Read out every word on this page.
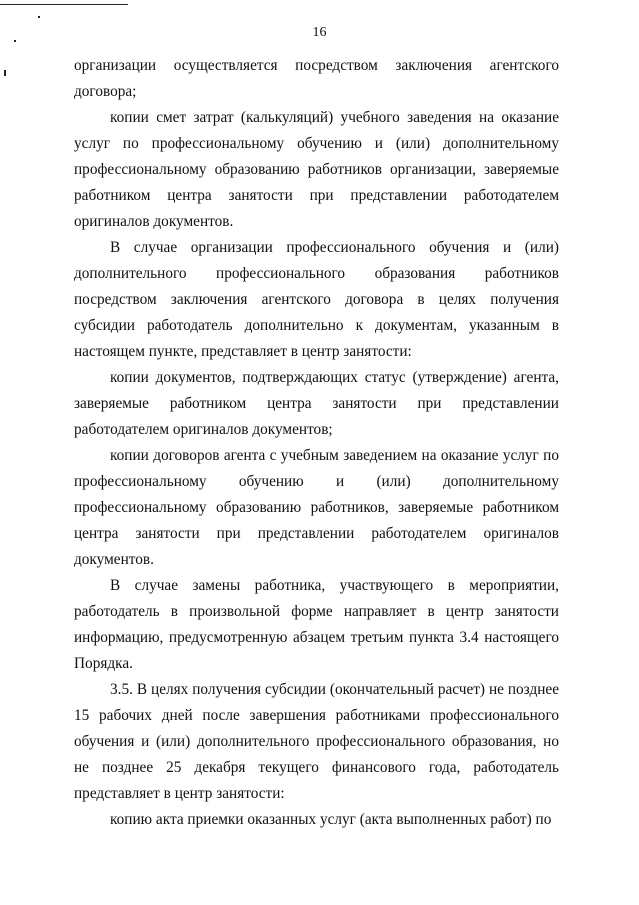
16

организации осуществляется посредством заключения агентского договора;

копии смет затрат (калькуляций) учебного заведения на оказание услуг по профессиональному обучению и (или) дополнительному профессиональному образованию работников организации, заверяемые работником центра занятости при представлении работодателем оригиналов документов.

В случае организации профессионального обучения и (или) дополнительного профессионального образования работников посредством заключения агентского договора в целях получения субсидии работодатель дополнительно к документам, указанным в настоящем пункте, представляет в центр занятости:

копии документов, подтверждающих статус (утверждение) агента, заверяемые работником центра занятости при представлении работодателем оригиналов документов;

копии договоров агента с учебным заведением на оказание услуг по профессиональному обучению и (или) дополнительному профессиональному образованию работников, заверяемые работником центра занятости при представлении работодателем оригиналов документов.

В случае замены работника, участвующего в мероприятии, работодатель в произвольной форме направляет в центр занятости информацию, предусмотренную абзацем третьим пункта 3.4 настоящего Порядка.

3.5. В целях получения субсидии (окончательный расчет) не позднее 15 рабочих дней после завершения работниками профессионального обучения и (или) дополнительного профессионального образования, но не позднее 25 декабря текущего финансового года, работодатель представляет в центр занятости:

копию акта приемки оказанных услуг (акта выполненных работ) по
